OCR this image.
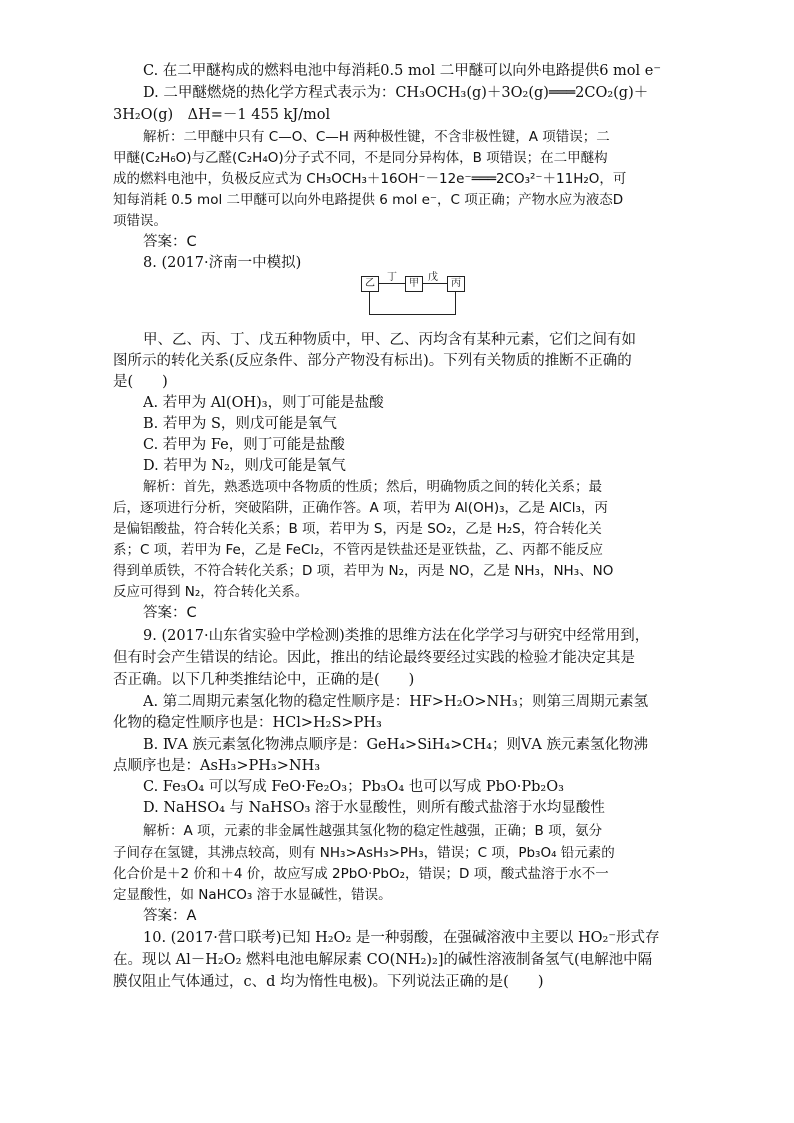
C. 在二甲醚构成的燃料电池中每消耗0.5 mol 二甲醚可以向外电路提供6 mol e⁻
D. 二甲醚燃烧的热化学方程式表示为：CH₃OCH₃(g)＋3O₂(g)═══2CO₂(g)＋
3H₂O(g)　ΔH=－1 455 kJ/mol
解析：二甲醚中只有 C—O、C—H 两种极性键，不含非极性键，A 项错误；二
甲醚(C₂H₆O)与乙醛(C₂H₄O)分子式不同，不是同分异构体，B 项错误；在二甲醚构
成的燃料电池中，负极反应式为 CH₃OCH₃＋16OH⁻－12e⁻═══2CO₃²⁻＋11H₂O，可
知每消耗 0.5 mol 二甲醚可以向外电路提供 6 mol e⁻，C 项正确；产物水应为液态D
项错误。
答案：C
8. (2017·济南一中模拟)
乙	甲	丙
丁	戊
甲、乙、丙、丁、戊五种物质中，甲、乙、丙均含有某种元素，它们之间有如
图所示的转化关系(反应条件、部分产物没有标出)。下列有关物质的推断不正确的
是(　　)
A. 若甲为 Al(OH)₃，则丁可能是盐酸
B. 若甲为 S，则戊可能是氧气
C. 若甲为 Fe，则丁可能是盐酸
D. 若甲为 N₂，则戊可能是氧气
解析：首先，熟悉选项中各物质的性质；然后，明确物质之间的转化关系；最
后，逐项进行分析，突破陷阱，正确作答。A 项，若甲为 Al(OH)₃，乙是 AlCl₃，丙
是偏铝酸盐，符合转化关系；B 项，若甲为 S，丙是 SO₂，乙是 H₂S，符合转化关
系；C 项，若甲为 Fe，乙是 FeCl₂，不管丙是铁盐还是亚铁盐，乙、丙都不能反应
得到单质铁，不符合转化关系；D 项，若甲为 N₂，丙是 NO，乙是 NH₃，NH₃、NO
反应可得到 N₂，符合转化关系。
答案：C
9. (2017·山东省实验中学检测)类推的思维方法在化学学习与研究中经常用到，
但有时会产生错误的结论。因此，推出的结论最终要经过实践的检验才能决定其是
否正确。以下几种类推结论中，正确的是(　　)
A. 第二周期元素氢化物的稳定性顺序是：HF>H₂O>NH₃；则第三周期元素氢
化物的稳定性顺序也是：HCl>H₂S>PH₃
B. ⅣA 族元素氢化物沸点顺序是：GeH₄>SiH₄>CH₄；则ⅤA 族元素氢化物沸
点顺序也是：AsH₃>PH₃>NH₃
C. Fe₃O₄ 可以写成 FeO·Fe₂O₃；Pb₃O₄ 也可以写成 PbO·Pb₂O₃
D. NaHSO₄ 与 NaHSO₃ 溶于水显酸性，则所有酸式盐溶于水均显酸性
解析：A 项，元素的非金属性越强其氢化物的稳定性越强，正确；B 项，氨分
子间存在氢键，其沸点较高，则有 NH₃>AsH₃>PH₃，错误；C 项，Pb₃O₄ 铅元素的
化合价是＋2 价和＋4 价，故应写成 2PbO·PbO₂，错误；D 项，酸式盐溶于水不一
定显酸性，如 NaHCO₃ 溶于水显碱性，错误。
答案：A
10. (2017·营口联考)已知 H₂O₂ 是一种弱酸，在强碱溶液中主要以 HO₂⁻形式存
在。现以 Al－H₂O₂ 燃料电池电解尿素 CO(NH₂)₂]的碱性溶液制备氢气(电解池中隔
膜仅阻止气体通过，c、d 均为惰性电极)。下列说法正确的是(　　)
